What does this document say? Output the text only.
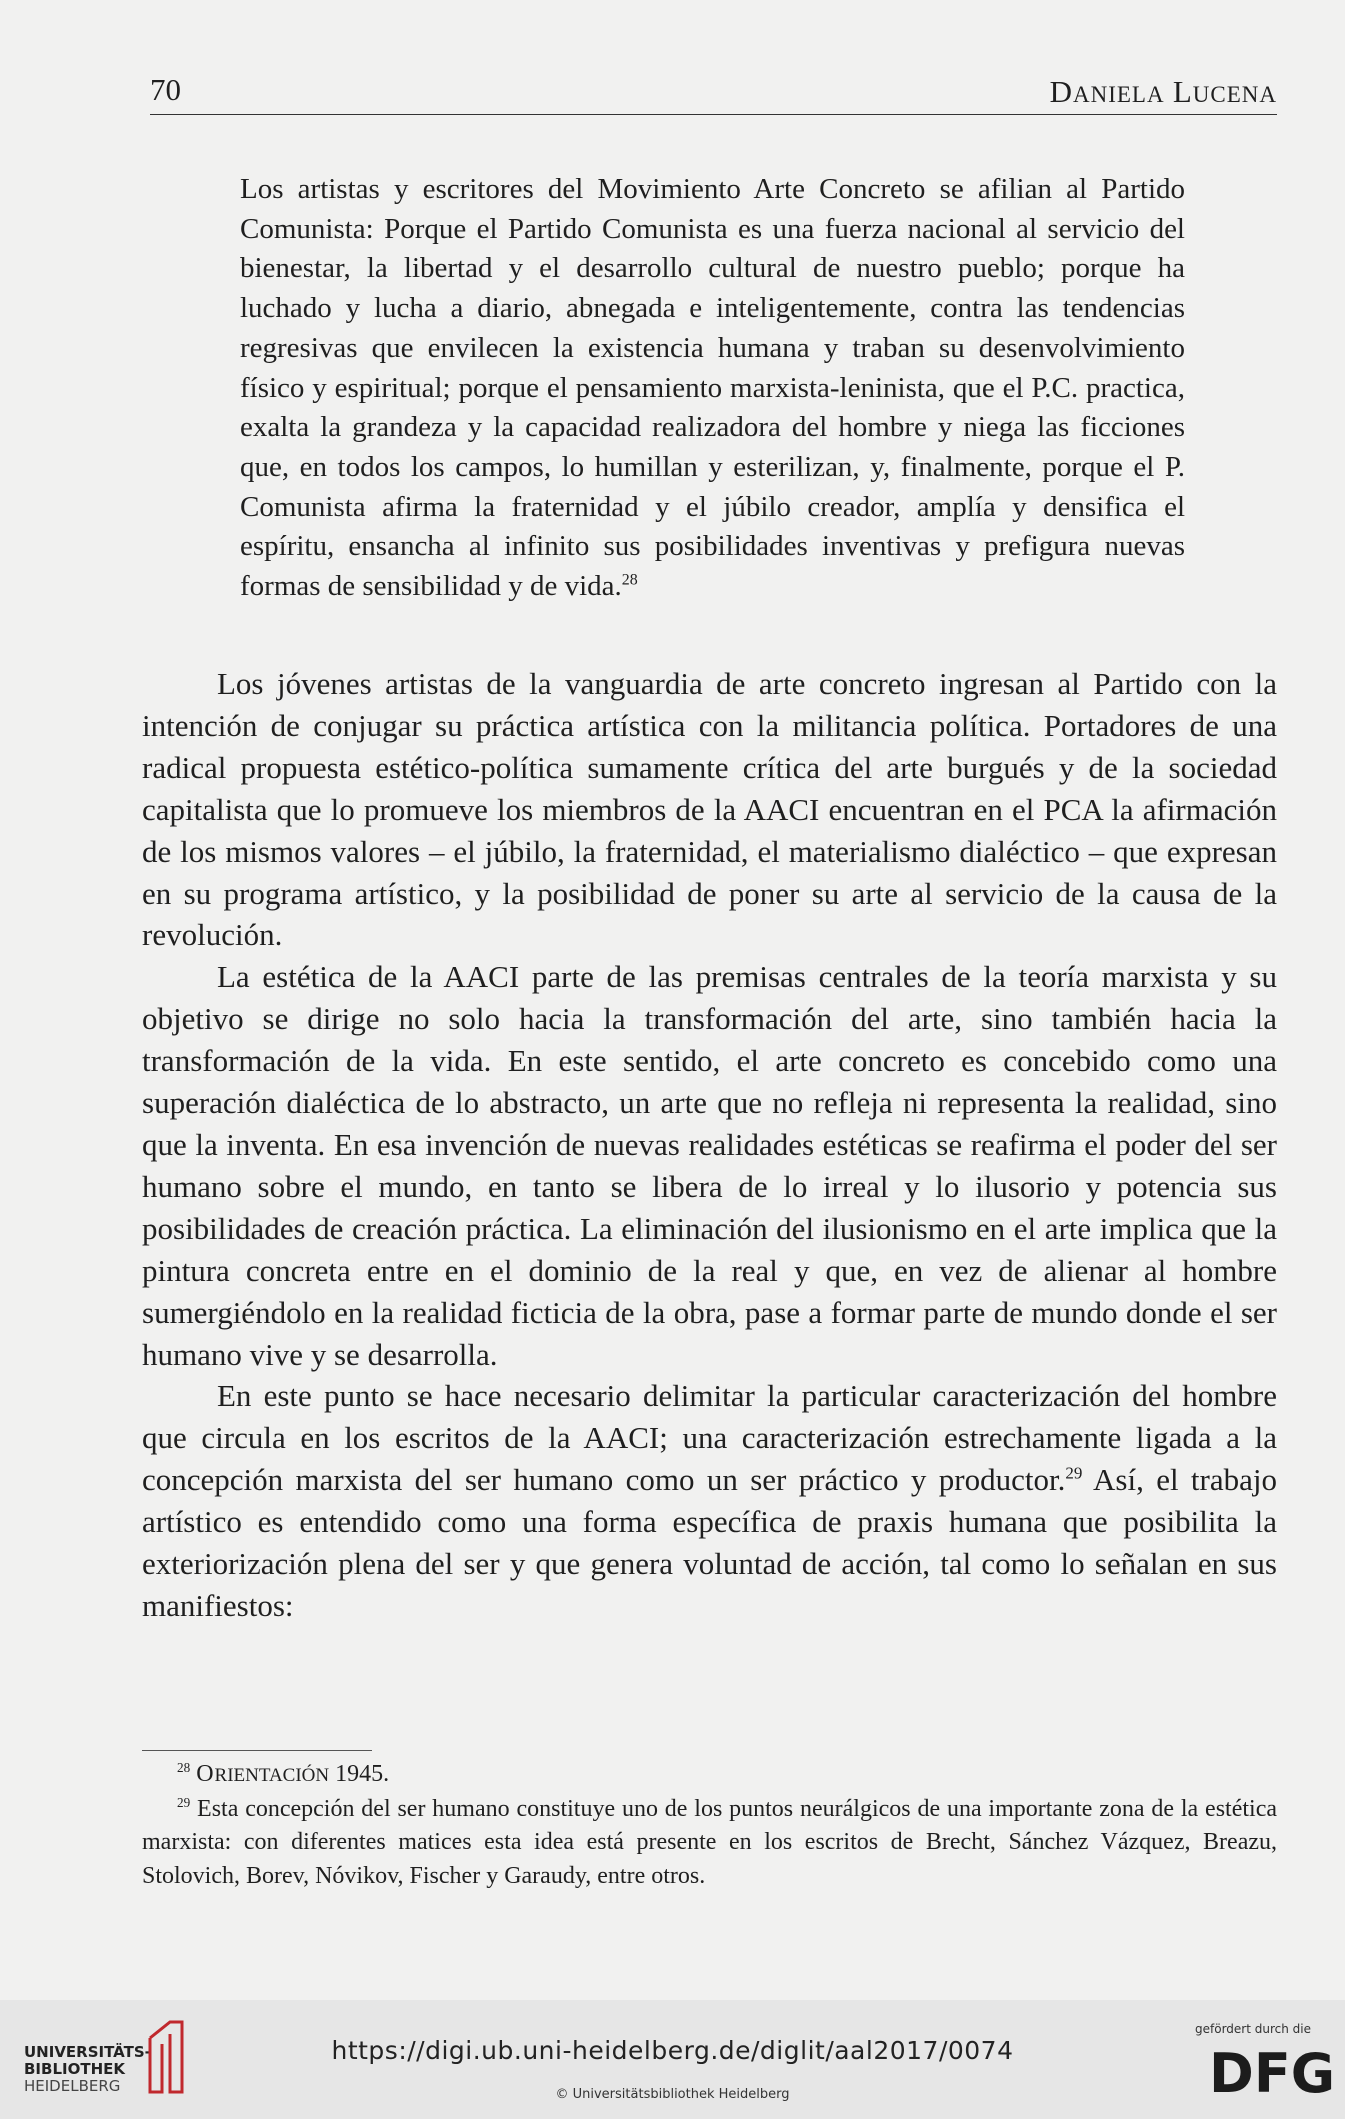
70	DANIELA LUCENA
Los artistas y escritores del Movimiento Arte Concreto se afilian al Partido Comunista: Porque el Partido Comunista es una fuerza nacional al servicio del bienestar, la libertad y el desarrollo cultural de nuestro pueblo; porque ha luchado y lucha a diario, abnegada e inteligentemente, contra las tendencias regresivas que envilecen la existencia humana y traban su desenvolvimiento físico y espiritual; porque el pensamiento marxista-leninista, que el P.C. practica, exalta la grandeza y la capacidad realizadora del hombre y niega las ficciones que, en todos los campos, lo humillan y esterilizan, y, finalmente, porque el P. Comunista afirma la fraternidad y el júbilo creador, amplía y densifica el espíritu, ensancha al infinito sus posibilidades inventivas y prefigura nuevas formas de sensibilidad y de vida.$^{28}$

Los jóvenes artistas de la vanguardia de arte concreto ingresan al Partido con la intención de conjugar su práctica artística con la militancia política. Portadores de una radical propuesta estético-política sumamente crítica del arte burgués y de la sociedad capitalista que lo promueve los miembros de la AACI encuentran en el PCA la afirmación de los mismos valores – el júbilo, la fraternidad, el materialismo dialéctico – que expresan en su programa artístico, y la posibilidad de poner su arte al servicio de la causa de la revolución.

La estética de la AACI parte de las premisas centrales de la teoría marxista y su objetivo se dirige no solo hacia la transformación del arte, sino también hacia la transformación de la vida. En este sentido, el arte concreto es concebido como una superación dialéctica de lo abstracto, un arte que no refleja ni representa la realidad, sino que la inventa. En esa invención de nuevas realidades estéticas se reafirma el poder del ser humano sobre el mundo, en tanto se libera de lo irreal y lo ilusorio y potencia sus posibilidades de creación práctica. La eliminación del ilusionismo en el arte implica que la pintura concreta entre en el dominio de la real y que, en vez de alienar al hombre sumergiéndolo en la realidad ficticia de la obra, pase a formar parte de mundo donde el ser humano vive y se desarrolla.

En este punto se hace necesario delimitar la particular caracterización del hombre que circula en los escritos de la AACI; una caracterización estrechamente ligada a la concepción marxista del ser humano como un ser práctico y productor.$^{29}$ Así, el trabajo artístico es entendido como una forma específica de praxis humana que posibilita la exteriorización plena del ser y que genera voluntad de acción, tal como lo señalan en sus manifiestos:

$^{28}$ ORIENTACIÓN 1945.

$^{29}$ Esta concepción del ser humano constituye uno de los puntos neurálgicos de una importante zona de la estética marxista: con diferentes matices esta idea está presente en los escritos de Brecht, Sánchez Vázquez, Breazu, Stolovich, Borev, Nóvikov, Fischer y Garaudy, entre otros.

UNIVERSITÄTS-
BIBLIOTHEK
HEIDELBERG
https://digi.ub.uni-heidelberg.de/diglit/aal2017/0074
© Universitätsbibliothek Heidelberg
gefördert durch die
DFG
